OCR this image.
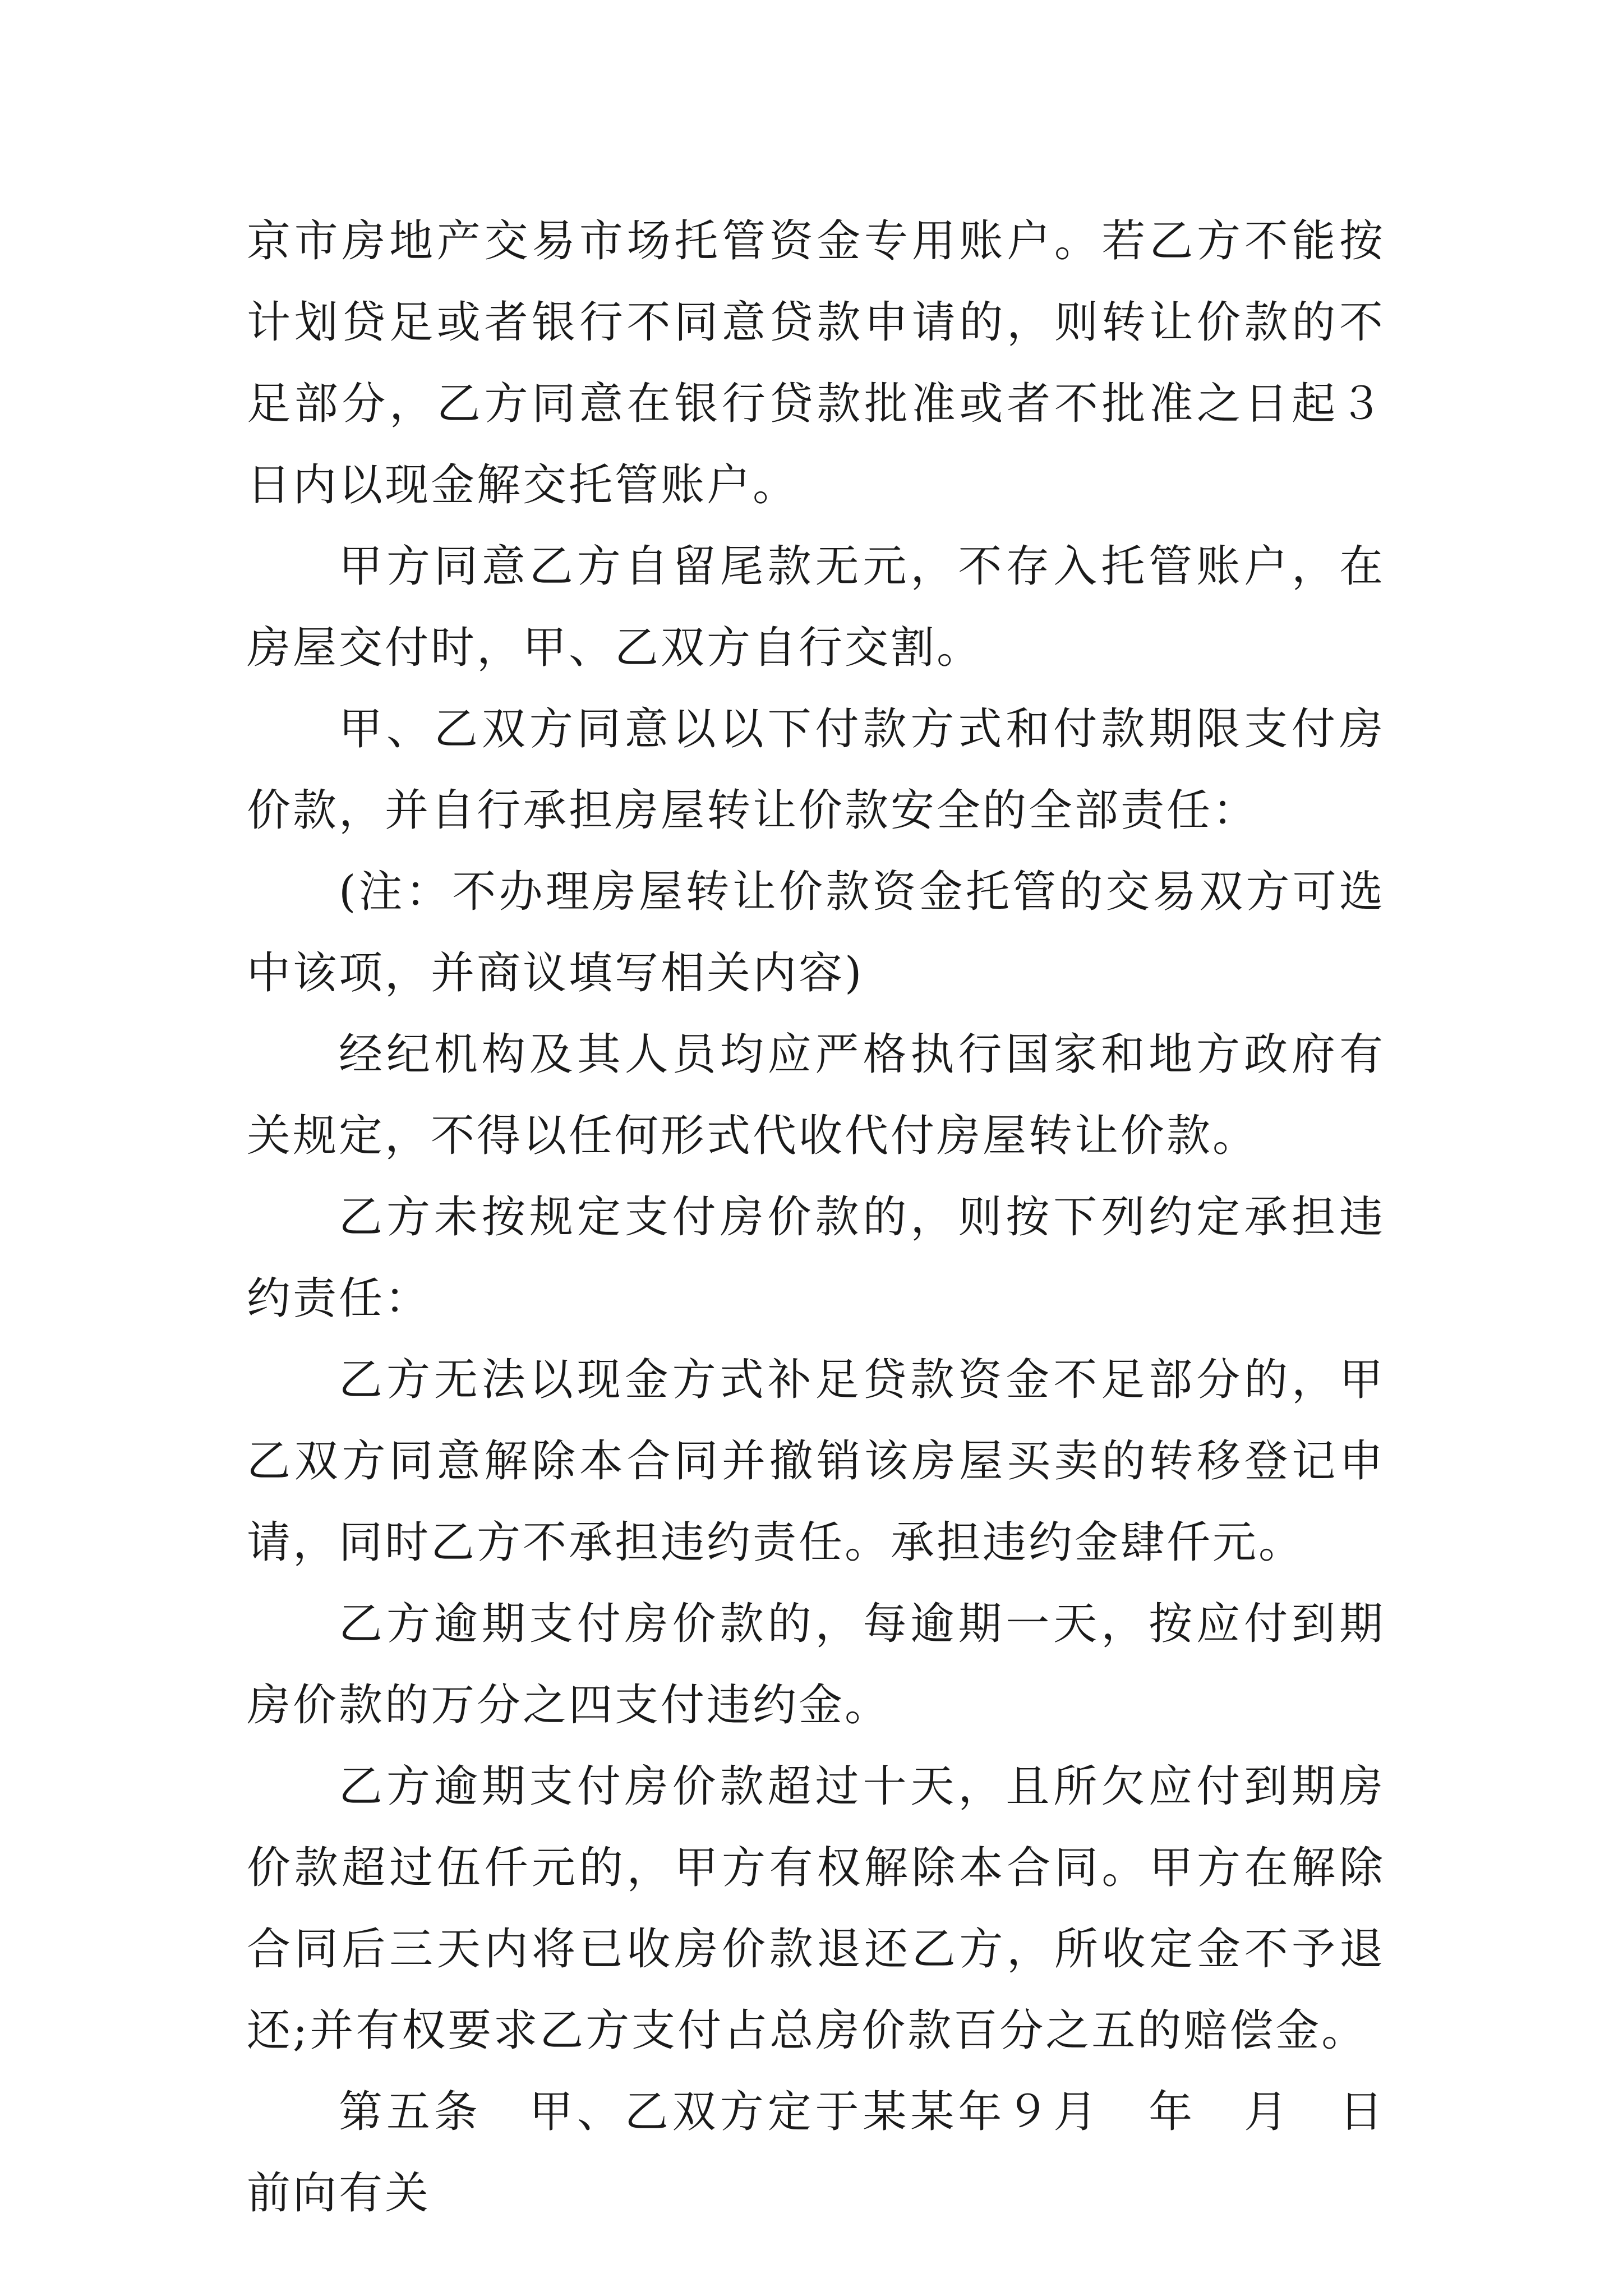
京市房地产交易市场托管资金专用账户。若乙方不能按计划贷足或者银行不同意贷款申请的，则转让价款的不足部分，乙方同意在银行贷款批准或者不批准之日起３日内以现金解交托管账户。

甲方同意乙方自留尾款无元，不存入托管账户，在房屋交付时，甲、乙双方自行交割。

甲、乙双方同意以以下付款方式和付款期限支付房价款，并自行承担房屋转让价款安全的全部责任：

(注：不办理房屋转让价款资金托管的交易双方可选中该项，并商议填写相关内容)

经纪机构及其人员均应严格执行国家和地方政府有关规定，不得以任何形式代收代付房屋转让价款。

乙方未按规定支付房价款的，则按下列约定承担违约责任：

乙方无法以现金方式补足贷款资金不足部分的，甲乙双方同意解除本合同并撤销该房屋买卖的转移登记申请，同时乙方不承担违约责任。承担违约金肆仟元。

乙方逾期支付房价款的，每逾期一天，按应付到期房价款的万分之四支付违约金。

乙方逾期支付房价款超过十天，且所欠应付到期房价款超过伍仟元的，甲方有权解除本合同。甲方在解除合同后三天内将已收房价款退还乙方，所收定金不予退还;并有权要求乙方支付占总房价款百分之五的赔偿金。

第五条　甲、乙双方定于某某年９月　年　月　日前向有关
